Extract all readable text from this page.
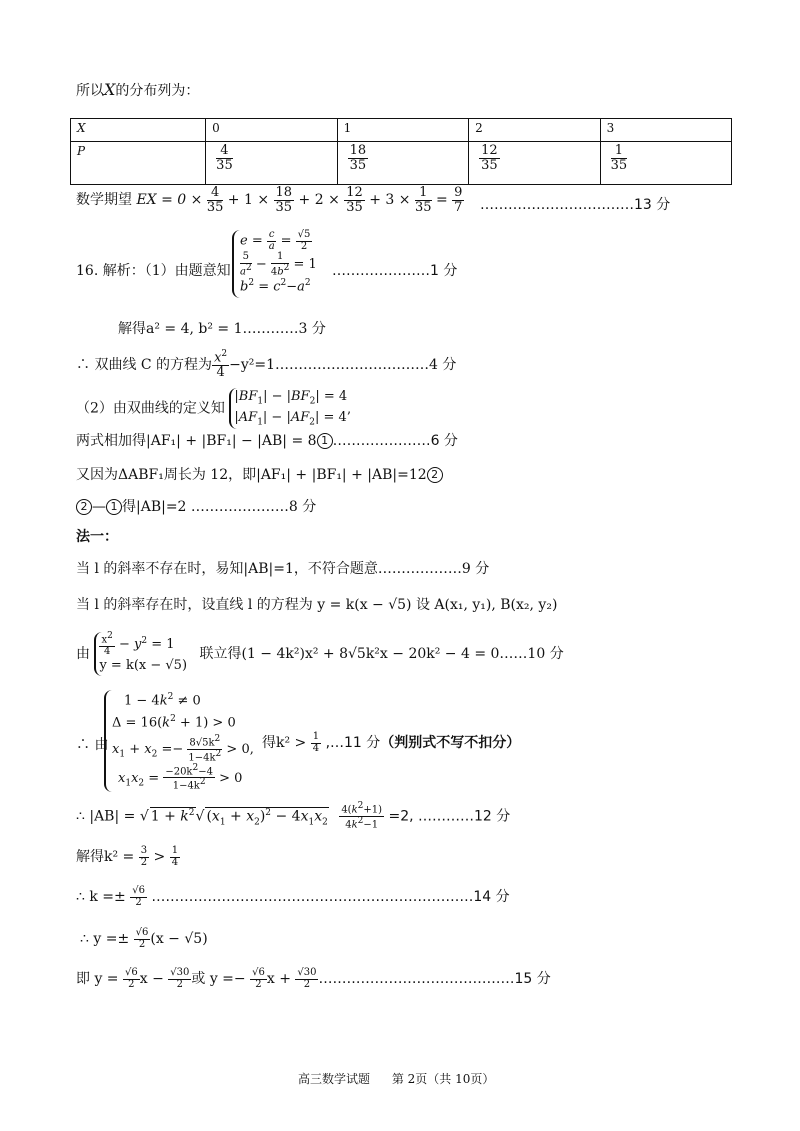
所以X的分布列为：
X	0	1	2	3
P	$\frac{4}{35}$	$\frac{18}{35}$	$\frac{12}{35}$	$\frac{1}{35}$
数学期望 EX = $0 \times \frac{4}{35} + 1 \times \frac{18}{35} + 2 \times \frac{12}{35} + 3 \times \frac{1}{35} = \frac{9}{7}$ ……………………………13 分
16. 解析：（1）由题意知
$e = \frac{c}{a} = \frac{√5}{2}$
$\frac{5}{a^2} - \frac{1}{4b^2} = 1$
$b^2 = c^2-a^2$
…………………1 分
解得a² = 4, b² = 1…………3 分
∴ 双曲线 C 的方程为 $\frac{x^2}{4}$ −y²=1……………………………4 分
（2）由双曲线的定义知
$|BF_1| - |BF_2| = 4$
$|AF_1| - |AF_2| = 4$’
两式相加得|AF₁| + |BF₁| − |AB| = 8 1 …………………6 分
又因为ΔABF₁周长为 12，即|AF₁| + |BF₁| + |AB|=12 2
2 — 1 得|AB|=2 …………………8 分
法一：
当 l 的斜率不存在时，易知|AB|=1，不符合题意………………9 分
当 l 的斜率存在时，设直线 l 的方程为 y = k(x − √5) 设 A(x₁, y₁), B(x₂, y₂)
由 $\frac{x^2}{4} - y^2 = 1$
y = k(x − √5)
联立得(1 − 4k²)x² + 8√5k²x − 20k² − 4 = 0……10 分
∴ 由
$1 - 4k^2 \ne 0$
$\Delta = 16(k^2 + 1) > 0$
$x_1 + x_2 =- \frac{8√5k^2}{1-4k^2} > 0$,
$x_1x_2 = \frac{-20k^2-4}{1-4k^2} > 0$
得$k^2 > \frac{1}{4}$ ,…11 分（判别式不写不扣分）
∴ |AB| = √ $1 + k^2√$ $(x_1 + x_2)^2 - 4x_1x_2 \frac{4(k^2+1)}{4k^2-1} =2$, …………12 分
解得$k^2 = \frac{3}{2} > \frac{1}{4}$
∴ $k =\pm \frac{√6}{2}$ ……………………………………………………………14 分
∴ $y =\pm \frac{√6}{2} (x - √5)$
即 $y = \frac{√6}{2}$ $x - \frac{√30}{2}$ 或 $y =- \frac{√6}{2}$ $x + \frac{√30}{2}$ ……………………………………15 分
高三数学试题 第 2页（共 10页）
